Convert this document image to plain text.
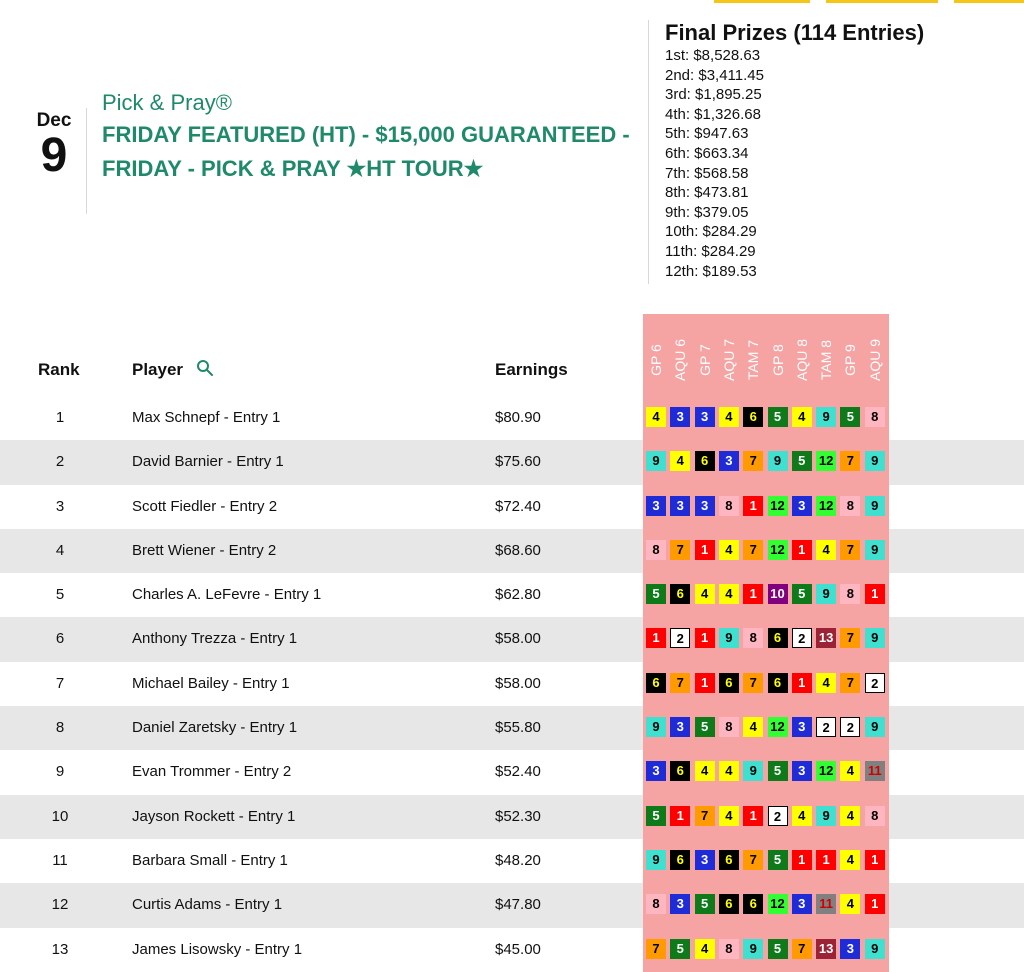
Dec
9
Pick & Pray®
FRIDAY FEATURED (HT) - $15,000 GUARANTEED - FRIDAY - PICK & PRAY ★HT TOUR★
Final Prizes (114 Entries)
1st: $8,528.63
2nd: $3,411.45
3rd: $1,895.25
4th: $1,326.68
5th: $947.63
6th: $663.34
7th: $568.58
8th: $473.81
9th: $379.05
10th: $284.29
11th: $284.29
12th: $189.53
Rank	Player	Earnings	GP 6 AQU 6 GP 7 AQU 7 TAM 7 GP 8 AQU 8 TAM 8 GP 9 AQU 9
1	Max Schnepf - Entry 1	$80.90	4	3	3	4	6	5	4	9	5	8
2	David Barnier - Entry 1	$75.60	9	4	6	3	7	9	5	12	7	9
3	Scott Fiedler - Entry 2	$72.40	3	3	3	8	1	12	3	12	8	9
4	Brett Wiener - Entry 2	$68.60	8	7	1	4	7	12	1	4	7	9
5	Charles A. LeFevre - Entry 1	$62.80	5	6	4	4	1	10	5	9	8	1
6	Anthony Trezza - Entry 1	$58.00	1	2	1	9	8	6	2	13	7	9
7	Michael Bailey - Entry 1	$58.00	6	7	1	6	7	6	1	4	7	2
8	Daniel Zaretsky - Entry 1	$55.80	9	3	5	8	4	12	3	2	2	9
9	Evan Trommer - Entry 2	$52.40	3	6	4	4	9	5	3	12	4	11
10	Jayson Rockett - Entry 1	$52.30	5	1	7	4	1	2	4	9	4	8
11	Barbara Small - Entry 1	$48.20	9	6	3	6	7	5	1	1	4	1
12	Curtis Adams - Entry 1	$47.80	8	3	5	6	6	12	3	11	4	1
13	James Lisowsky - Entry 1	$45.00	7	5	4	8	9	5	7	13	3	9
